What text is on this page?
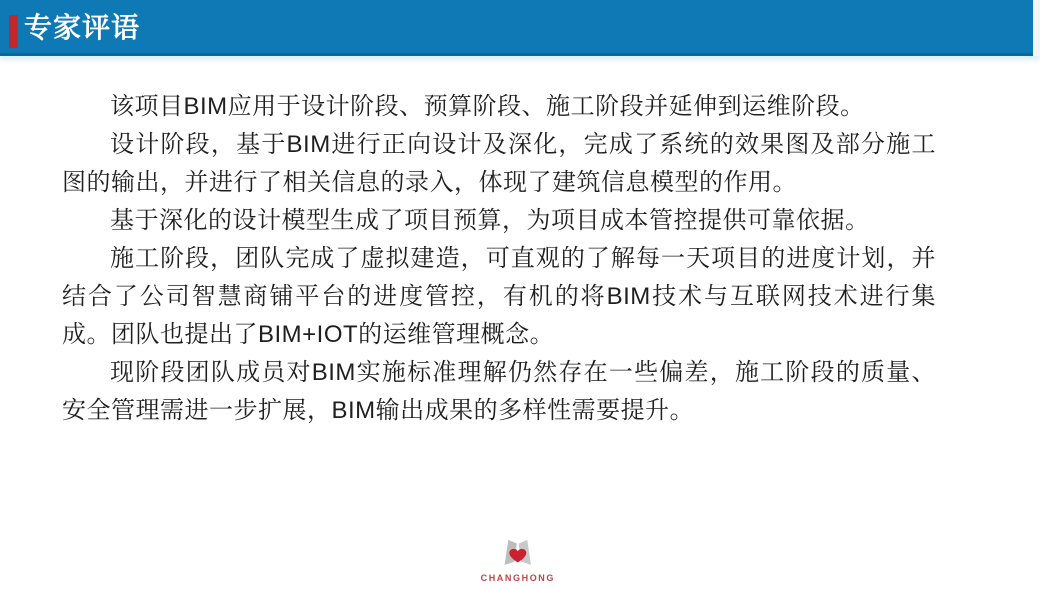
专家评语

该项目BIM应用于设计阶段、预算阶段、施工阶段并延伸到运维阶段。

设计阶段，基于BIM进行正向设计及深化，完成了系统的效果图及部分施工图的输出，并进行了相关信息的录入，体现了建筑信息模型的作用。

基于深化的设计模型生成了项目预算，为项目成本管控提供可靠依据。

施工阶段，团队完成了虚拟建造，可直观的了解每一天项目的进度计划，并结合了公司智慧商铺平台的进度管控，有机的将BIM技术与互联网技术进行集成。团队也提出了BIM+IOT的运维管理概念。

现阶段团队成员对BIM实施标准理解仍然存在一些偏差，施工阶段的质量、安全管理需进一步扩展，BIM输出成果的多样性需要提升。

CHANGHONG
